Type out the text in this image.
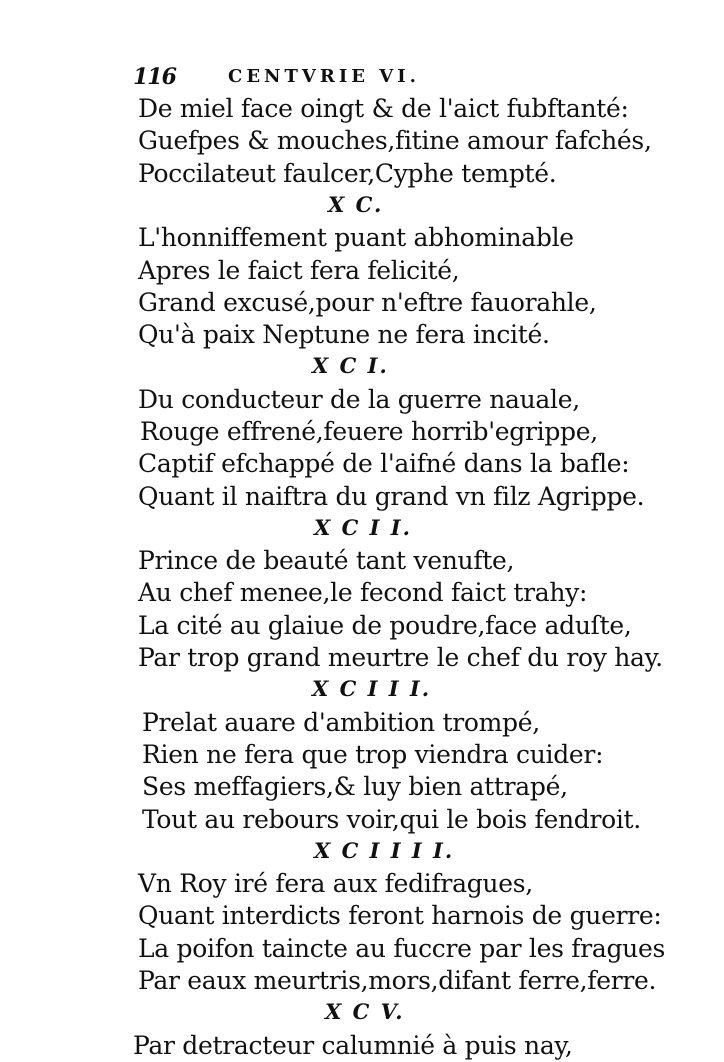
116	CENTVRIE VI.
De miel face oingt & de l'aict fubftanté:
Guefpes & mouches,fitine amour fafchés,
Poccilateut faulcer,Cyphe tempté.
X C.
L'honniffement puant abhominable
Apres le faict fera felicité,
Grand excusé,pour n'eftre fauorahle,
Qu'à paix Neptune ne fera incité.
X C I.
Du conducteur de la guerre nauale,
Rouge effrené,feuere horrib'egrippe,
Captif efchappé de l'aifné dans la bafle:
Quant il naiftra du grand vn filz Agrippe.
X C I I.
Prince de beauté tant venufte,
Au chef menee,le fecond faict trahy:
La cité au glaiue de poudre,face aduſte,
Par trop grand meurtre le chef du roy hay.
X C I I I.
Prelat auare d'ambition trompé,
Rien ne fera que trop viendra cuider:
Ses meffagiers,& luy bien attrapé,
Tout au rebours voir,qui le bois fendroit.
X C I I I I.
Vn Roy iré fera aux fedifragues,
Quant interdicts feront harnois de guerre:
La poifon taincte au fuccre par les fragues
Par eaux meurtris,mors,difant ferre,ferre.
X C V.
Par detracteur calumnié à puis nay,
